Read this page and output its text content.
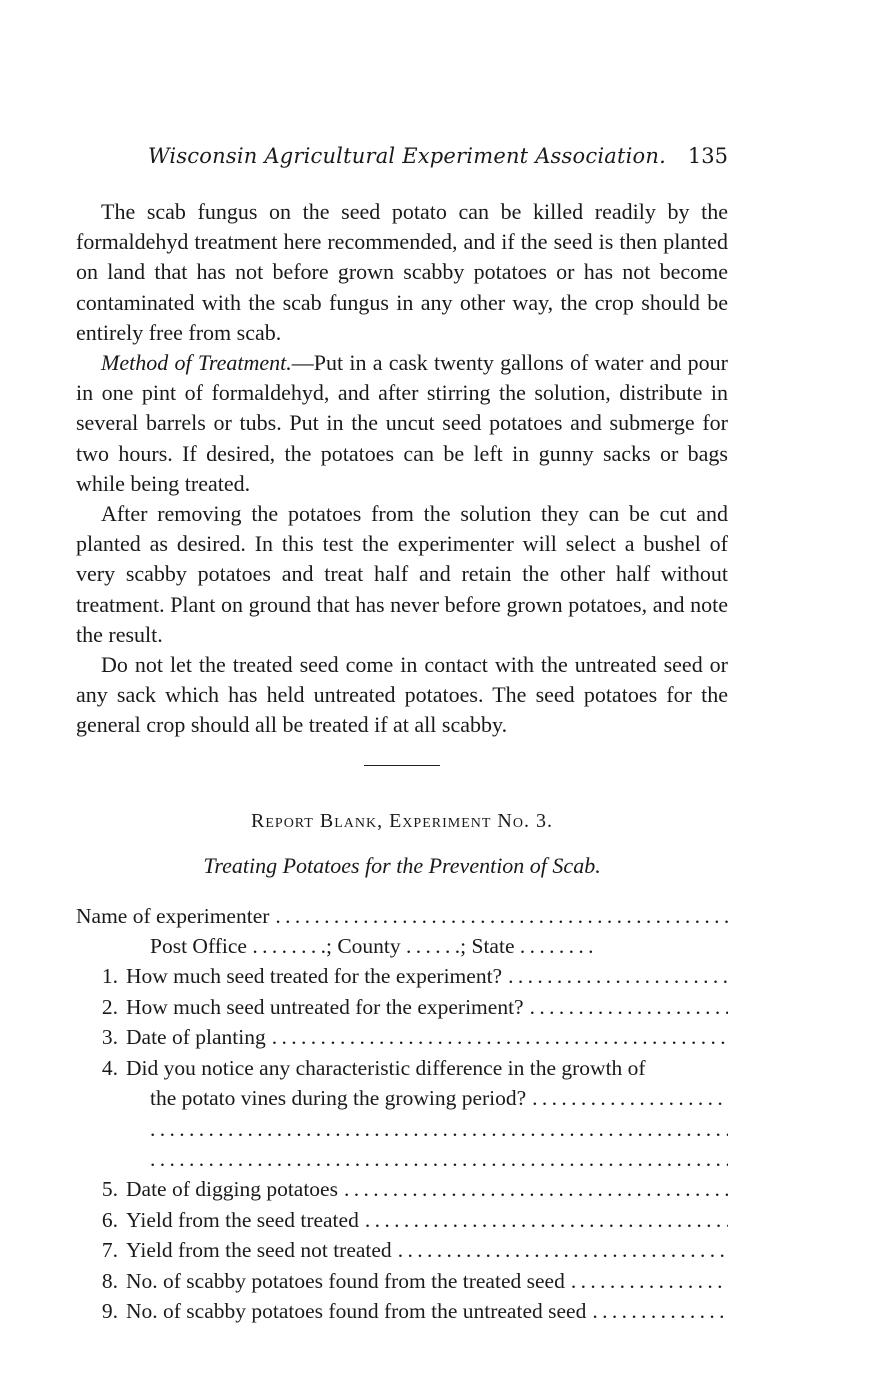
Wisconsin Agricultural Experiment Association. 135

The scab fungus on the seed potato can be killed readily by the formaldehyd treatment here recommended, and if the seed is then planted on land that has not before grown scabby potatoes or has not become contaminated with the scab fungus in any other way, the crop should be entirely free from scab.

Method of Treatment.—Put in a cask twenty gallons of water and pour in one pint of formaldehyd, and after stirring the solution, distribute in several barrels or tubs. Put in the uncut seed potatoes and submerge for two hours. If desired, the potatoes can be left in gunny sacks or bags while being treated.

After removing the potatoes from the solution they can be cut and planted as desired. In this test the experimenter will select a bushel of very scabby potatoes and treat half and retain the other half without treatment. Plant on ground that has never before grown potatoes, and note the result.

Do not let the treated seed come in contact with the untreated seed or any sack which has held untreated potatoes. The seed potatoes for the general crop should all be treated if at all scabby.

Report Blank, Experiment No. 3.
Treating Potatoes for the Prevention of Scab.
Name of experimenter
. . .
Post Office . . . . . . . .; County . . . . . .; State . . . . . . . .
1. How much seed treated for the experiment?
. . .
2. How much seed untreated for the experiment?
. . .
3. Date of planting
. . .
4. Did you notice any characteristic difference in the growth of
the potato vines during the growing period?
. . .
. . .
. . .
5. Date of digging potatoes
. . .
6. Yield from the seed treated
. . .
7. Yield from the seed not treated
. . .
8. No. of scabby potatoes found from the treated seed
. . .
9. No. of scabby potatoes found from the untreated seed
. . .
